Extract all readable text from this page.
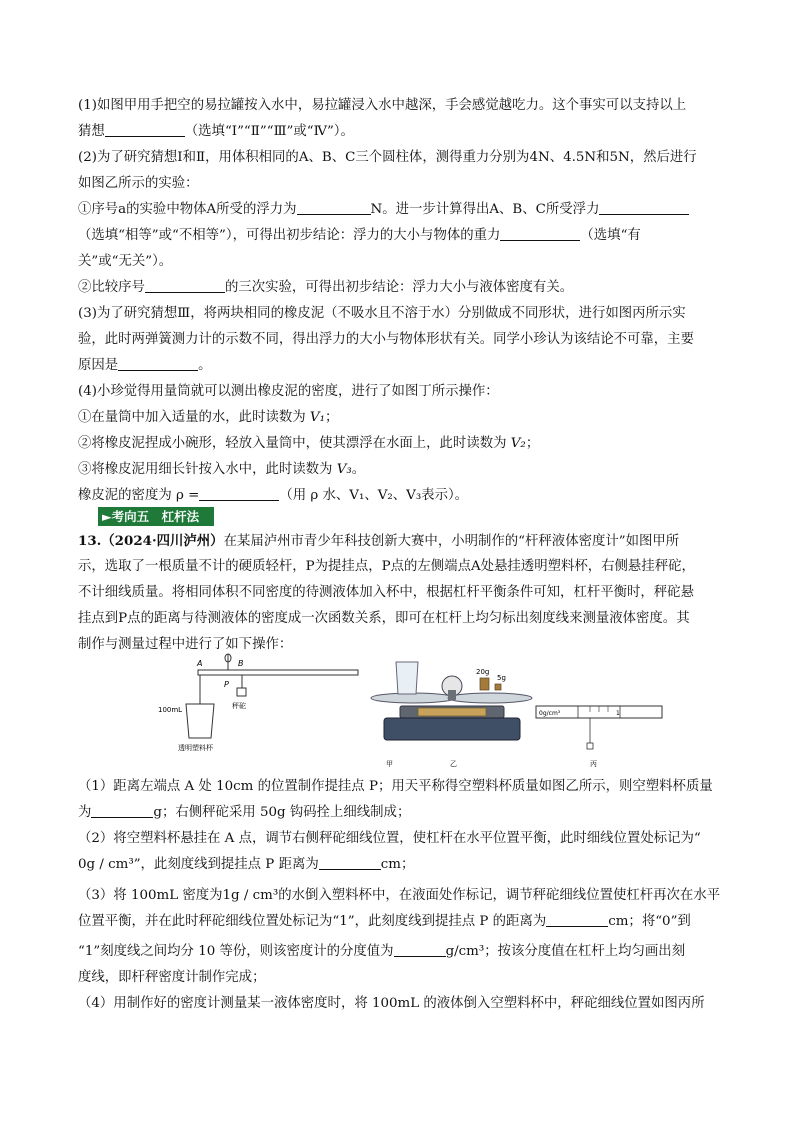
(1)如图甲用手把空的易拉罐按入水中，易拉罐浸入水中越深，手会感觉越吃力。这个事实可以支持以上
猜想	（选填“I”“Ⅱ”“Ⅲ”或“Ⅳ”）。
(2)为了研究猜想Ⅰ和Ⅱ，用体积相同的A、B、C三个圆柱体，测得重力分别为4N、4.5N和5N，然后进行
如图乙所示的实验：
①序号a的实验中物体A所受的浮力为	N。进一步计算得出A、B、C所受浮力
（选填“相等”或“不相等”），可得出初步结论：浮力的大小与物体的重力	（选填“有
关”或“无关”）。
②比较序号	的三次实验，可得出初步结论：浮力大小与液体密度有关。
(3)为了研究猜想Ⅲ，将两块相同的橡皮泥（不吸水且不溶于水）分别做成不同形状，进行如图丙所示实
验，此时两弹簧测力计的示数不同，得出浮力的大小与物体形状有关。同学小珍认为该结论不可靠，主要
原因是	。
(4)小珍觉得用量筒就可以测出橡皮泥的密度，进行了如图丁所示操作：
①在量筒中加入适量的水，此时读数为 V₁；
②将橡皮泥捏成小碗形，轻放入量筒中，使其漂浮在水面上，此时读数为 V₂；
③将橡皮泥用细长针按入水中，此时读数为 V₃。
橡皮泥的密度为 ρ =	（用 ρ 水、V₁、V₂、V₃表示）。
►考向五　杠杆法
13.（2024·四川泸州）在某届泸州市青少年科技创新大赛中，小明制作的“杆秤液体密度计”如图甲所
示，选取了一根质量不计的硬质轻杆，P为提挂点，P点的左侧端点A处悬挂透明塑料杯，右侧悬挂秤砣，
不计细线质量。将相同体积不同密度的待测液体加入杯中，根据杠杆平衡条件可知，杠杆平衡时，秤砣悬
挂点到P点的距离与待测液体的密度成一次函数关系，即可在杠杆上均匀标出刻度线来测量液体密度。其
制作与测量过程中进行了如下操作：
A	B
P
秤砣
100mL
透明塑料杯
甲
20g
5g
乙
0g/cm³	1
丙
（1）距离左端点 A 处 10cm 的位置制作提挂点 P；用天平称得空塑料杯质量如图乙所示，则空塑料杯质量
为	g；右侧秤砣采用 50g 钩码拴上细线制成；
（2）将空塑料杯悬挂在 A 点，调节右侧秤砣细线位置，使杠杆在水平位置平衡，此时细线位置处标记为“
0g / cm³”，此刻度线到提挂点 P 距离为	cm；
（3）将 100mL 密度为1g / cm³的水倒入塑料杯中，在液面处作标记，调节秤砣细线位置使杠杆再次在水平
位置平衡，并在此时秤砣细线位置处标记为“1”，此刻度线到提挂点 P 的距离为	cm；将“0”到
“1”刻度线之间均分 10 等份，则该密度计的分度值为	g/cm³；按该分度值在杠杆上均匀画出刻
度线，即杆秤密度计制作完成；
（4）用制作好的密度计测量某一液体密度时，将 100mL 的液体倒入空塑料杯中，秤砣细线位置如图丙所
